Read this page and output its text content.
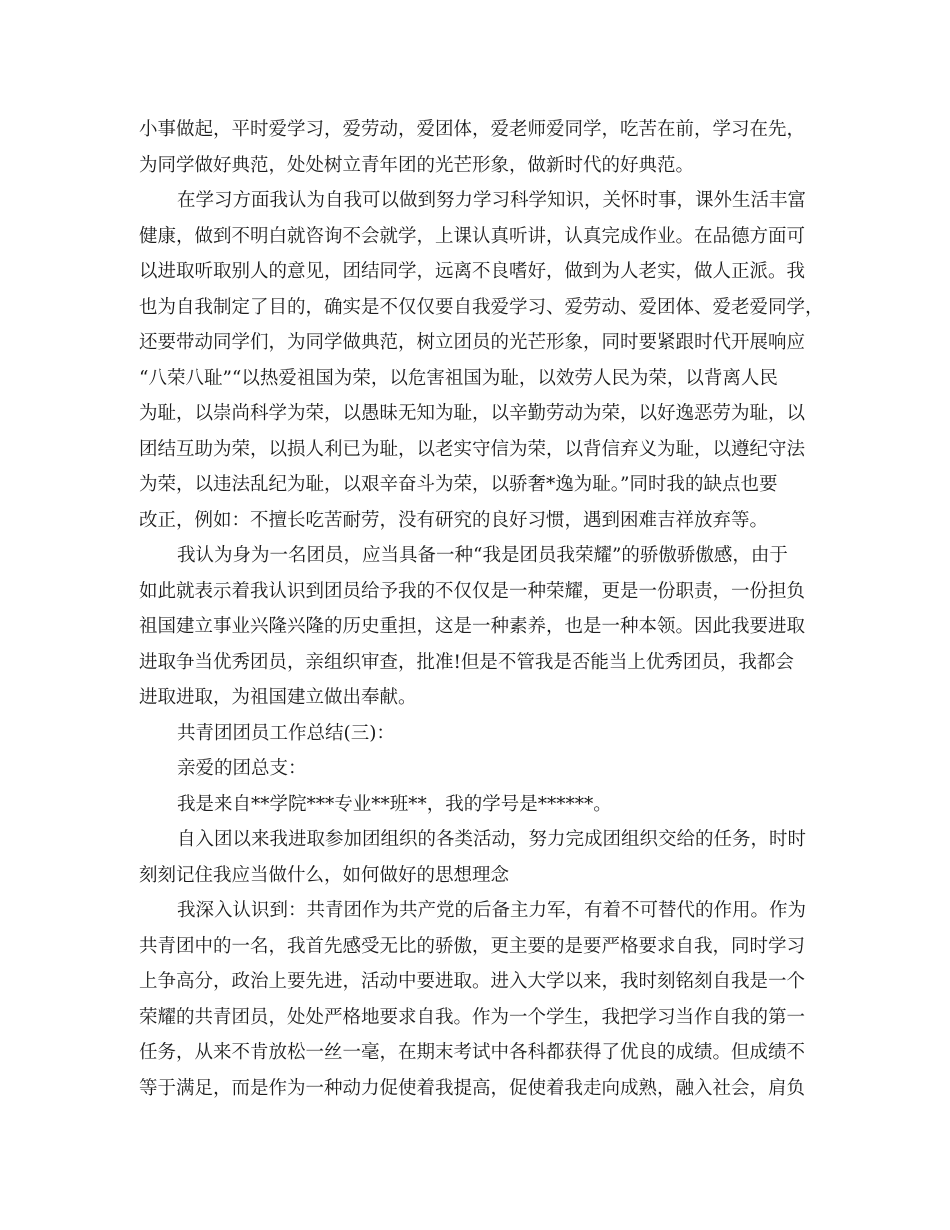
小事做起，平时爱学习，爱劳动，爱团体，爱老师爱同学，吃苦在前，学习在先，
为同学做好典范，处处树立青年团的光芒形象，做新时代的好典范。
在学习方面我认为自我可以做到努力学习科学知识，关怀时事，课外生活丰富
健康，做到不明白就咨询不会就学，上课认真听讲，认真完成作业。在品德方面可
以进取听取别人的意见，团结同学，远离不良嗜好，做到为人老实，做人正派。我
也为自我制定了目的，确实是不仅仅要自我爱学习、爱劳动、爱团体、爱老爱同学，
还要带动同学们，为同学做典范，树立团员的光芒形象，同时要紧跟时代开展响应
“八荣八耻”“以热爱祖国为荣，以危害祖国为耻，以效劳人民为荣，以背离人民
为耻，以崇尚科学为荣，以愚昧无知为耻，以辛勤劳动为荣，以好逸恶劳为耻，以
团结互助为荣，以损人利已为耻，以老实守信为荣，以背信弃义为耻，以遵纪守法
为荣，以违法乱纪为耻，以艰辛奋斗为荣，以骄奢*逸为耻。”同时我的缺点也要
改正，例如：不擅长吃苦耐劳，没有研究的良好习惯，遇到困难吉祥放弃等。
我认为身为一名团员，应当具备一种“我是团员我荣耀”的骄傲骄傲感，由于
如此就表示着我认识到团员给予我的不仅仅是一种荣耀，更是一份职责，一份担负
祖国建立事业兴隆兴隆的历史重担，这是一种素养，也是一种本领。因此我要进取
进取争当优秀团员，亲组织审查，批准!但是不管我是否能当上优秀团员，我都会
进取进取，为祖国建立做出奉献。
共青团团员工作总结(三)：
亲爱的团总支：
我是来自**学院***专业**班**，我的学号是******。
自入团以来我进取参加团组织的各类活动，努力完成团组织交给的任务，时时
刻刻记住我应当做什么，如何做好的思想理念
我深入认识到：共青团作为共产党的后备主力军，有着不可替代的作用。作为
共青团中的一名，我首先感受无比的骄傲，更主要的是要严格要求自我，同时学习
上争高分，政治上要先进，活动中要进取。进入大学以来，我时刻铭刻自我是一个
荣耀的共青团员，处处严格地要求自我。作为一个学生，我把学习当作自我的第一
任务，从来不肯放松一丝一毫，在期末考试中各科都获得了优良的成绩。但成绩不
等于满足，而是作为一种动力促使着我提高，促使着我走向成熟，融入社会，肩负
